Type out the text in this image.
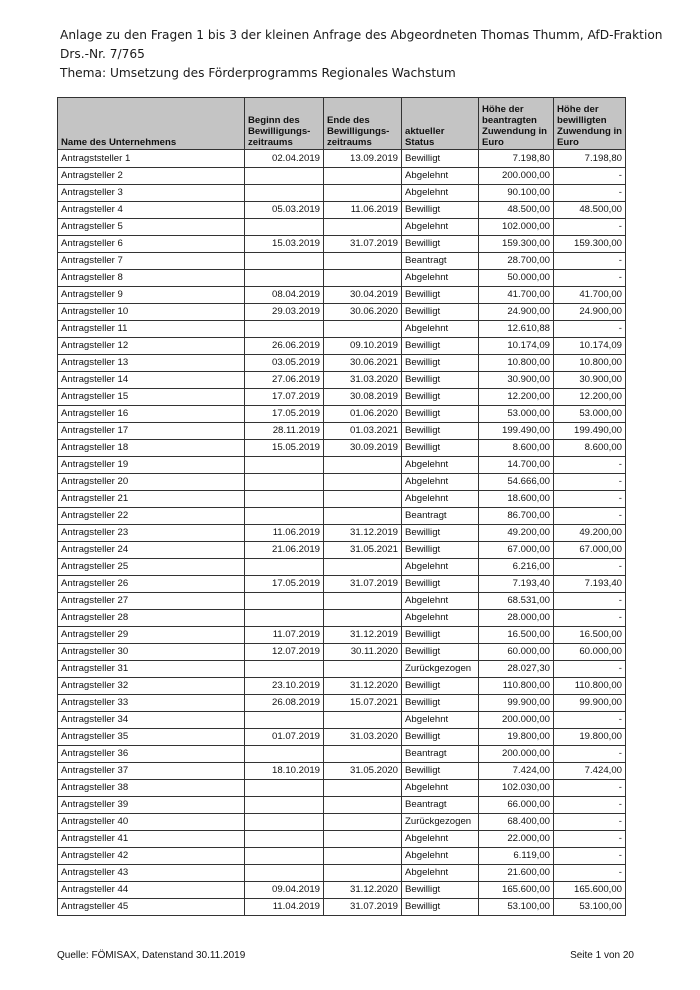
Anlage zu den Fragen 1 bis 3 der kleinen Anfrage des Abgeordneten Thomas Thumm, AfD-Fraktion
Drs.-Nr. 7/765
Thema: Umsetzung des Förderprogramms Regionales Wachstum
Name des Unternehmens	Beginn des Bewilligungs-zeitraums	Ende des Bewilligungs-zeitraums	aktueller Status	Höhe der beantragten Zuwendung in Euro	Höhe der bewilligten Zuwendung in Euro
Antragststeller 1	02.04.2019	13.09.2019	Bewilligt	7.198,80	7.198,80
Antragsteller 2			Abgelehnt	200.000,00	-
Antragsteller 3			Abgelehnt	90.100,00	-
Antragsteller 4	05.03.2019	11.06.2019	Bewilligt	48.500,00	48.500,00
Antragsteller 5			Abgelehnt	102.000,00	-
Antragsteller 6	15.03.2019	31.07.2019	Bewilligt	159.300,00	159.300,00
Antragsteller 7			Beantragt	28.700,00	-
Antragsteller 8			Abgelehnt	50.000,00	-
Antragsteller 9	08.04.2019	30.04.2019	Bewilligt	41.700,00	41.700,00
Antragsteller 10	29.03.2019	30.06.2020	Bewilligt	24.900,00	24.900,00
Antragsteller 11			Abgelehnt	12.610,88	-
Antragsteller 12	26.06.2019	09.10.2019	Bewilligt	10.174,09	10.174,09
Antragsteller 13	03.05.2019	30.06.2021	Bewilligt	10.800,00	10.800,00
Antragsteller 14	27.06.2019	31.03.2020	Bewilligt	30.900,00	30.900,00
Antragsteller 15	17.07.2019	30.08.2019	Bewilligt	12.200,00	12.200,00
Antragsteller 16	17.05.2019	01.06.2020	Bewilligt	53.000,00	53.000,00
Antragsteller 17	28.11.2019	01.03.2021	Bewilligt	199.490,00	199.490,00
Antragsteller 18	15.05.2019	30.09.2019	Bewilligt	8.600,00	8.600,00
Antragsteller 19			Abgelehnt	14.700,00	-
Antragsteller 20			Abgelehnt	54.666,00	-
Antragsteller 21			Abgelehnt	18.600,00	-
Antragsteller 22			Beantragt	86.700,00	-
Antragsteller 23	11.06.2019	31.12.2019	Bewilligt	49.200,00	49.200,00
Antragsteller 24	21.06.2019	31.05.2021	Bewilligt	67.000,00	67.000,00
Antragsteller 25			Abgelehnt	6.216,00	-
Antragsteller 26	17.05.2019	31.07.2019	Bewilligt	7.193,40	7.193,40
Antragsteller 27			Abgelehnt	68.531,00	-
Antragsteller 28			Abgelehnt	28.000,00	-
Antragsteller 29	11.07.2019	31.12.2019	Bewilligt	16.500,00	16.500,00
Antragsteller 30	12.07.2019	30.11.2020	Bewilligt	60.000,00	60.000,00
Antragsteller 31			Zurückgezogen	28.027,30	-
Antragsteller 32	23.10.2019	31.12.2020	Bewilligt	110.800,00	110.800,00
Antragsteller 33	26.08.2019	15.07.2021	Bewilligt	99.900,00	99.900,00
Antragsteller 34			Abgelehnt	200.000,00	-
Antragsteller 35	01.07.2019	31.03.2020	Bewilligt	19.800,00	19.800,00
Antragsteller 36			Beantragt	200.000,00	-
Antragsteller 37	18.10.2019	31.05.2020	Bewilligt	7.424,00	7.424,00
Antragsteller 38			Abgelehnt	102.030,00	-
Antragsteller 39			Beantragt	66.000,00	-
Antragsteller 40			Zurückgezogen	68.400,00	-
Antragsteller 41			Abgelehnt	22.000,00	-
Antragsteller 42			Abgelehnt	6.119,00	-
Antragsteller 43			Abgelehnt	21.600,00	-
Antragsteller 44	09.04.2019	31.12.2020	Bewilligt	165.600,00	165.600,00
Antragsteller 45	11.04.2019	31.07.2019	Bewilligt	53.100,00	53.100,00
Quelle: FÖMISAX, Datenstand 30.11.2019	Seite 1 von 20
